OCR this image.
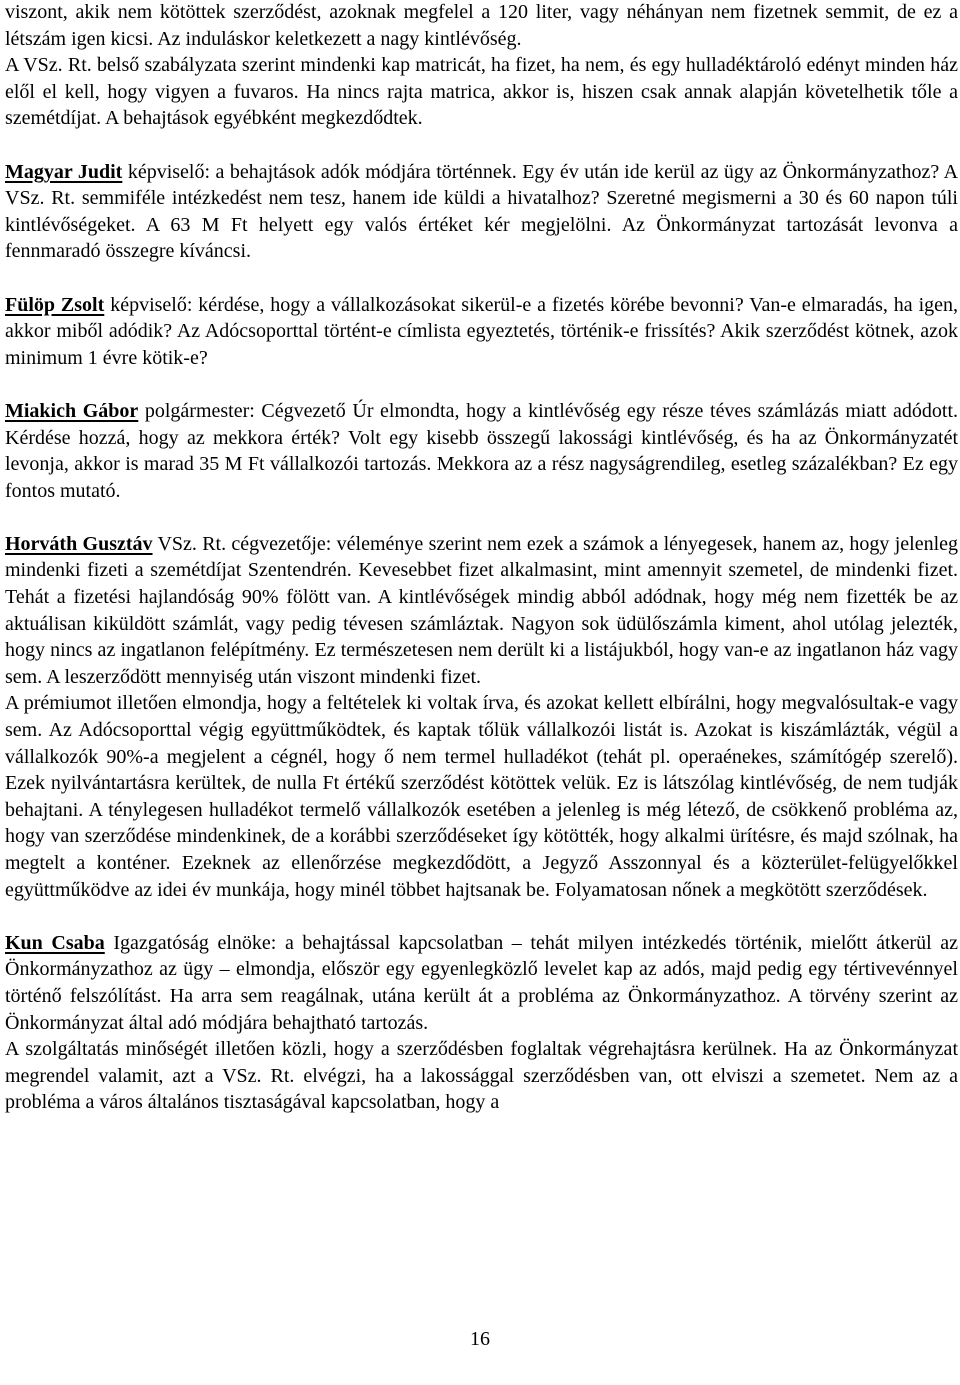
viszont, akik nem kötöttek szerződést, azoknak megfelel a 120 liter, vagy néhányan nem fizetnek semmit, de ez a létszám igen kicsi. Az induláskor keletkezett a nagy kintlévőség.

A VSz. Rt. belső szabályzata szerint mindenki kap matricát, ha fizet, ha nem, és egy hulladéktároló edényt minden ház elől el kell, hogy vigyen a fuvaros. Ha nincs rajta matrica, akkor is, hiszen csak annak alapján követelhetik tőle a szemétdíjat. A behajtások egyébként megkezdődtek.

Magyar Judit képviselő: a behajtások adók módjára történnek. Egy év után ide kerül az ügy az Önkormányzathoz? A VSz. Rt. semmiféle intézkedést nem tesz, hanem ide küldi a hivatalhoz? Szeretné megismerni a 30 és 60 napon túli kintlévőségeket. A 63 M Ft helyett egy valós értéket kér megjelölni. Az Önkormányzat tartozását levonva a fennmaradó összegre kíváncsi.

Fülöp Zsolt képviselő: kérdése, hogy a vállalkozásokat sikerül-e a fizetés körébe bevonni? Van-e elmaradás, ha igen, akkor miből adódik? Az Adócsoporttal történt-e címlista egyeztetés, történik-e frissítés? Akik szerződést kötnek, azok minimum 1 évre kötik-e?

Miakich Gábor polgármester: Cégvezető Úr elmondta, hogy a kintlévőség egy része téves számlázás miatt adódott. Kérdése hozzá, hogy az mekkora érték? Volt egy kisebb összegű lakossági kintlévőség, és ha az Önkormányzatét levonja, akkor is marad 35 M Ft vállalkozói tartozás. Mekkora az a rész nagyságrendileg, esetleg százalékban? Ez egy fontos mutató.

Horváth Gusztáv VSz. Rt. cégvezetője: véleménye szerint nem ezek a számok a lényegesek, hanem az, hogy jelenleg mindenki fizeti a szemétdíjat Szentendrén. Kevesebbet fizet alkalmasint, mint amennyit szemetel, de mindenki fizet. Tehát a fizetési hajlandóság 90% fölött van. A kintlévőségek mindig abból adódnak, hogy még nem fizették be az aktuálisan kiküldött számlát, vagy pedig tévesen számláztak. Nagyon sok üdülőszámla kiment, ahol utólag jelezték, hogy nincs az ingatlanon felépítmény. Ez természetesen nem derült ki a listájukból, hogy van-e az ingatlanon ház vagy sem. A leszerződött mennyiség után viszont mindenki fizet.

A prémiumot illetően elmondja, hogy a feltételek ki voltak írva, és azokat kellett elbírálni, hogy megvalósultak-e vagy sem. Az Adócsoporttal végig együttműködtek, és kaptak tőlük vállalkozói listát is. Azokat is kiszámlázták, végül a vállalkozók 90%-a megjelent a cégnél, hogy ő nem termel hulladékot (tehát pl. operaénekes, számítógép szerelő). Ezek nyilvántartásra kerültek, de nulla Ft értékű szerződést kötöttek velük. Ez is látszólag kintlévőség, de nem tudják behajtani. A ténylegesen hulladékot termelő vállalkozók esetében a jelenleg is még létező, de csökkenő probléma az, hogy van szerződése mindenkinek, de a korábbi szerződéseket így kötötték, hogy alkalmi ürítésre, és majd szólnak, ha megtelt a konténer. Ezeknek az ellenőrzése megkezdődött, a Jegyző Asszonnyal és a közterület-felügyelőkkel együttműködve az idei év munkája, hogy minél többet hajtsanak be. Folyamatosan nőnek a megkötött szerződések.

Kun Csaba Igazgatóság elnöke: a behajtással kapcsolatban – tehát milyen intézkedés történik, mielőtt átkerül az Önkormányzathoz az ügy – elmondja, először egy egyenlegközlő levelet kap az adós, majd pedig egy tértivevénnyel történő felszólítást. Ha arra sem reagálnak, utána került át a probléma az Önkormányzathoz. A törvény szerint az Önkormányzat által adó módjára behajtható tartozás.

A szolgáltatás minőségét illetően közli, hogy a szerződésben foglaltak végrehajtásra kerülnek. Ha az Önkormányzat megrendel valamit, azt a VSz. Rt. elvégzi, ha a lakossággal szerződésben van, ott elviszi a szemetet. Nem az a probléma a város általános tisztaságával kapcsolatban, hogy a

16
